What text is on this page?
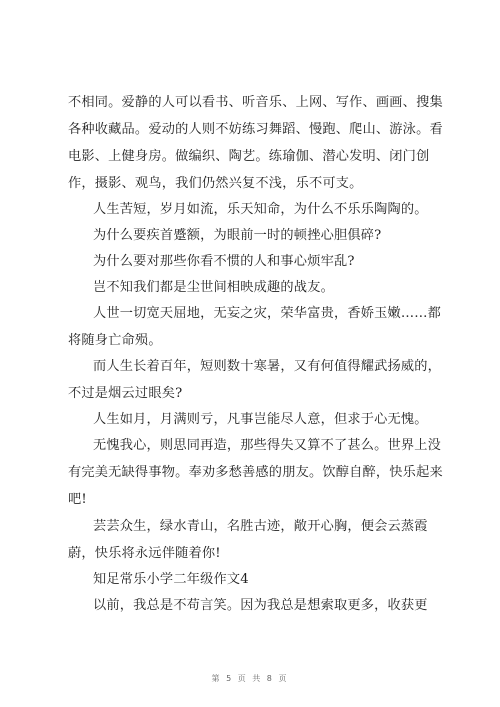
不相同。爱静的人可以看书、听音乐、上网、写作、画画、搜集
各种收藏品。爱动的人则不妨练习舞蹈、慢跑、爬山、游泳。看
电影、上健身房。做编织、陶艺。练瑜伽、潜心发明、闭门创
作，摄影、观鸟，我们仍然兴复不浅，乐不可支。
人生苦短，岁月如流，乐天知命，为什么不乐乐陶陶的。
为什么要疾首蹙额，为眼前一时的顿挫心胆俱碎?
为什么要对那些你看不惯的人和事心烦牢乱?
岂不知我们都是尘世间相映成趣的战友。
人世一切宽天屈地，无妄之灾，荣华富贵，香娇玉嫩……都
将随身亡命殒。
而人生长着百年，短则数十寒暑，又有何值得耀武扬威的，
不过是烟云过眼矣?
人生如月，月满则亏，凡事岂能尽人意，但求于心无愧。
无愧我心，则思同再造，那些得失又算不了甚么。世界上没
有完美无缺得事物。奉劝多愁善感的朋友。饮醇自醉，快乐起来
吧!
芸芸众生，绿水青山，名胜古迹，敞开心胸，便会云蒸霞
蔚，快乐将永远伴随着你!
知足常乐小学二年级作文4
以前，我总是不苟言笑。因为我总是想索取更多，收获更
第 5 页 共 8 页
